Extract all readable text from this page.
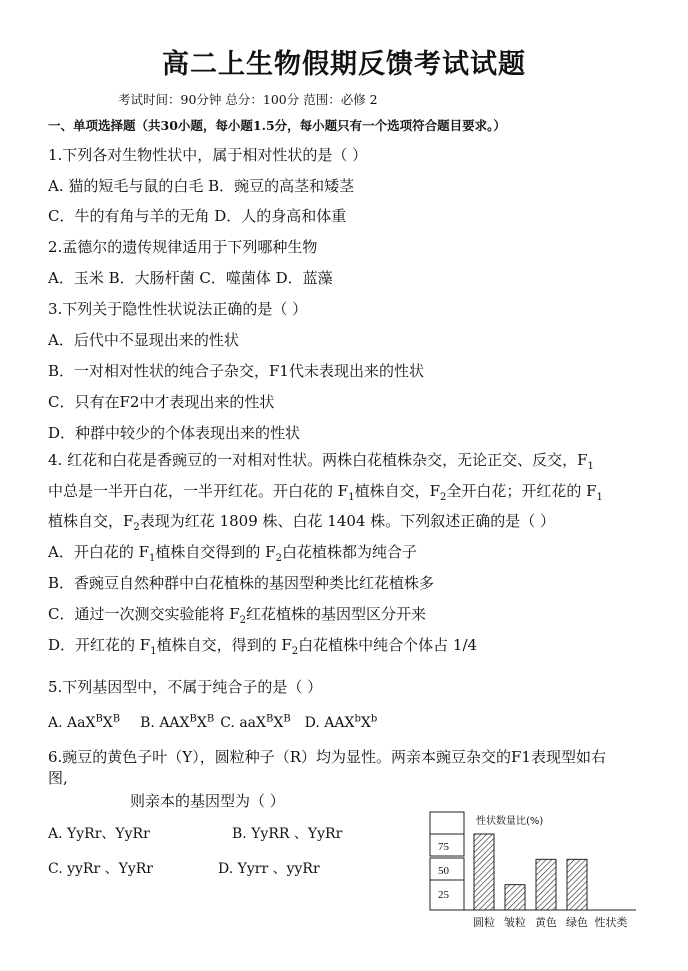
高二上生物假期反馈考试试题
考试时间：90分钟 总分：100分 范围：必修 2
一、单项选择题（共30小题，每小题1.5分，每小题只有一个选项符合题目要求。）
1.下列各对生物性状中，属于相对性状的是（ ）
A. 猫的短毛与鼠的白毛 B．豌豆的高茎和矮茎
C．牛的有角与羊的无角 D．人的身高和体重
2.孟德尔的遗传规律适用于下列哪种生物
A．玉米 B．大肠杆菌 C．噬菌体 D．蓝藻
3.下列关于隐性性状说法正确的是（ ）
A．后代中不显现出来的性状
B．一对相对性状的纯合子杂交，F1代未表现出来的性状
C．只有在F2中才表现出来的性状
D．种群中较少的个体表现出来的性状
4. 红花和白花是香豌豆的一对相对性状。两株白花植株杂交，无论正交、反交，$F_1$
中总是一半开白花，一半开红花。开白花的 $F_1$植株自交，$F_2$全开白花；开红花的 $F_1$
植株自交，$F_2$表现为红花 1809 株、白花 1404 株。下列叙述正确的是（ ）
A．开白花的 $F_1$植株自交得到的 $F_2$白花植株都为纯合子
B．香豌豆自然种群中白花植株的基因型种类比红花植株多
C．通过一次测交实验能将 $F_2$红花植株的基因型区分开来
D．开红花的 $F_1$植株自交，得到的 $F_2$白花植株中纯合个体占 1/4
5.下列基因型中，不属于纯合子的是（ ）
A. $AaX^BX^B$ B. $AAX^BX^B$ C. $aaX^BX^B$ D. $AAX^bX^b$
6.豌豆的黄色子叶（Y），圆粒种子（R）均为显性。两亲本豌豆杂交的F1表现型如右
图,
则亲本的基因型为（ ）
A. YyRr、YyRr	B. YyRR 、YyRr
C. yyRr 、YyRr	D. Yyrr 、yyRr
75
50
25
性状数量比(%)
圆粒 皱粒 黄色 绿色 性状类
